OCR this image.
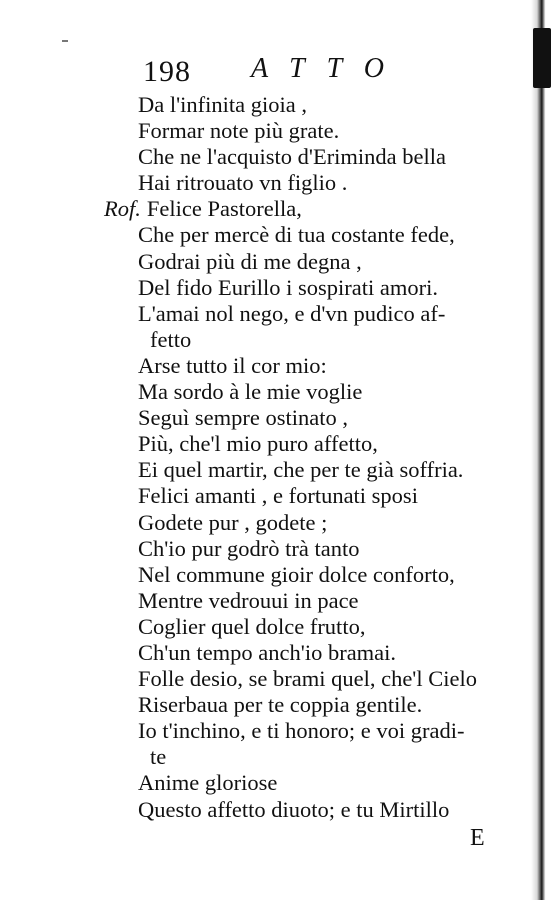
198 ATTO
Da l'infinita gioia ,
Formar note più grate.
Che ne l'acquisto d'Eriminda bella
Hai ritrouato vn figlio .
Rof. Felice Pastorella,
Che per mercè di tua costante fede,
Godrai più di me degna ,
Del fido Eurillo i sospirati amori.
L'amai nol nego, e d'vn pudico af-
fetto
Arse tutto il cor mio:
Ma sordo à le mie voglie
Seguì sempre ostinato ,
Più, che'l mio puro affetto,
Ei quel martir, che per te già soffria.
Felici amanti , e fortunati sposi
Godete pur , godete ;
Ch'io pur godrò trà tanto
Nel commune gioir dolce conforto,
Mentre vedrouui in pace
Coglier quel dolce frutto,
Ch'un tempo anch'io bramai.
Folle desio, se brami quel, che'l Cielo
Riserbaua per te coppia gentile.
Io t'inchino, e ti honoro; e voi gradi-
te
Anime gloriose
Questo affetto diuoto; e tu Mirtillo
E
